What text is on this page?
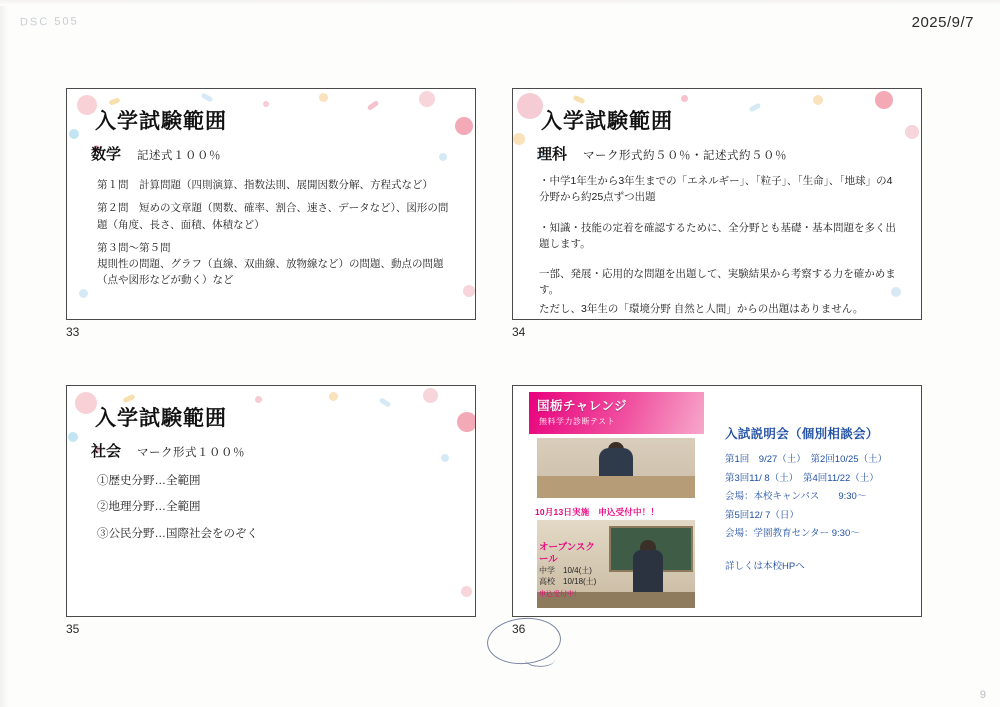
DSC 505	2025/9/7
9
入学試験範囲
数学 記述式１００％

第１問　計算問題（四則演算、指数法則、展開因数分解、方程式など）

第２問　短めの文章題（関数、確率、割合、速さ、データなど）、図形の問題（角度、長さ、面積、体積など）

第３問～第５問

規則性の問題、グラフ（直線、双曲線、放物線など）の問題、動点の問題（点や図形などが動く）など

33
入学試験範囲
理科 マーク形式約５０％・記述式約５０％

・中学1年生から3年生までの「エネルギー」、「粒子」、「生命」、「地球」の4分野から約25点ずつ出題

・知識・技能の定着を確認するために、全分野とも基礎・基本問題を多く出題します。

一部、発展・応用的な問題を出題して、実験結果から考察する力を確かめます。

ただし、3年生の「環境分野 自然と人間」からの出題はありません。

34
入学試験範囲
社会 マーク形式１００％
①歴史分野…全範囲
②地理分野…全範囲
③公民分野…国際社会をのぞく
35
国栃チャレンジ
無料学力診断テスト
10月13日実施　申込受付中！！
オープンスクール
中学　10/4(土)
高校　10/18(土)
申込受付中！
入試説明会（個別相談会）
第1回　9/27（土）　第2回10/25（土）
第3回11/ 8（土）　第4回11/22（土）
会場：本校キャンパス　　9:30～
第5回12/ 7（日）
会場：学園教育センター 9:30～
詳しくは本校HPへ
36
